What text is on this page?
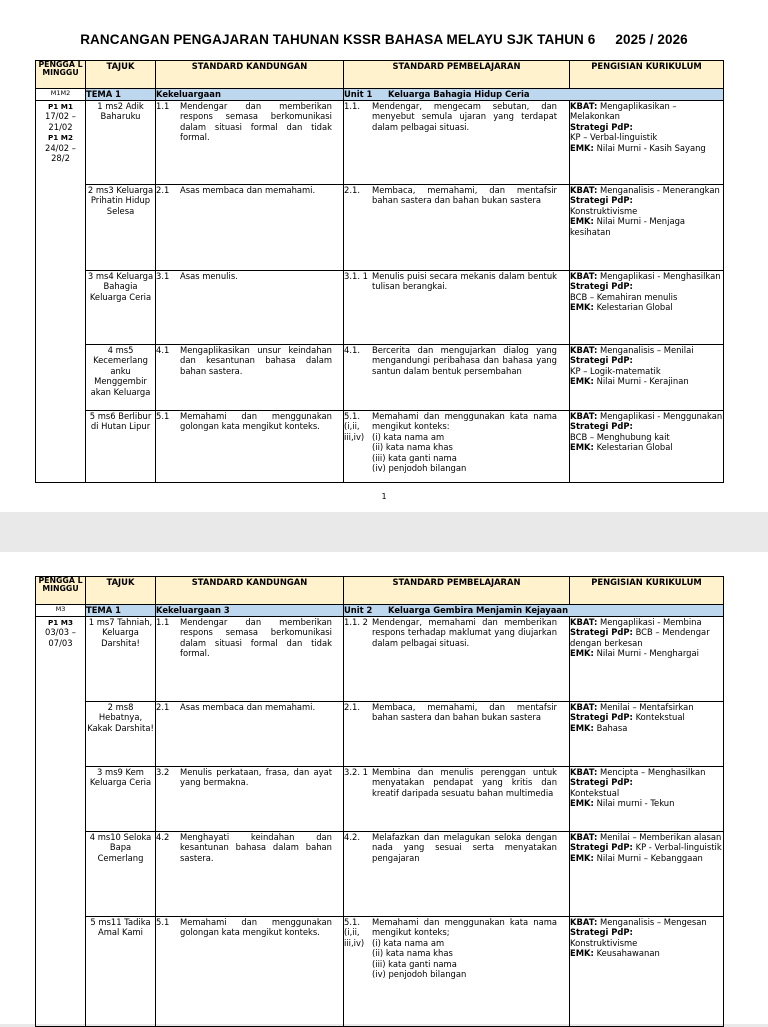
RANCANGAN PENGAJARAN TAHUNAN KSSR BAHASA MELAYU SJK TAHUN 6 2025 / 2026
PENGGA L MINGGU	TAJUK	STANDARD KANDUNGAN	STANDARD PEMBELAJARAN	PENGISIAN KURIKULUM
M1M2	TEMA 1	Kekeluargaan	Unit 1 Keluarga Bahagia Hidup Ceria	
P1 M1
17/02 – 21/02
P1 M2
24/02 – 28/2	1 ms2 Adik Baharuku	1.1 Mendengar dan memberikan respons semasa berkomunikasi dalam situasi formal dan tidak formal.	1.1. Mendengar, mengecam sebutan, dan menyebut semula ujaran yang terdapat dalam pelbagai situasi.	KBAT: Mengaplikasikan – Melakonkan
Strategi PdP:
KP – Verbal-linguistik
EMK: Nilai Murni - Kasih Sayang
	2 ms3 Keluarga Prihatin Hidup Selesa	2.1 Asas membaca dan memahami.	2.1. Membaca, memahami, dan mentafsir bahan sastera dan bahan bukan sastera	KBAT: Menganalisis - Menerangkan
Strategi PdP:
Konstruktivisme
EMK: Nilai Murni - Menjaga kesihatan
	3 ms4 Keluarga Bahagia Keluarga Ceria	3.1 Asas menulis.	3.1. 1 Menulis puisi secara mekanis dalam bentuk tulisan berangkai.	KBAT: Mengaplikasi - Menghasilkan
Strategi PdP:
BCB – Kemahiran menulis
EMK: Kelestarian Global
	4 ms5 Kecemerlang anku Menggembir akan Keluarga	4.1 Mengaplikasikan unsur keindahan dan kesantunan bahasa dalam bahan sastera.	4.1. Bercerita dan mengujarkan dialog yang mengandungi peribahasa dan bahasa yang santun dalam bentuk persembahan	KBAT: Menganalisis – Menilai
Strategi PdP:
KP – Logik-matematik
EMK: Nilai Murni - Kerajinan
	5 ms6 Berlibur di Hutan Lipur	5.1 Memahami dan menggunakan golongan kata mengikut konteks.	5.1. (i,ii, iii,iv)Memahami dan menggunakan kata nama mengikut konteks:
(i) kata nama am
(ii) kata nama khas
(iii) kata ganti nama
(iv) penjodoh bilangan	KBAT: Mengaplikasi - Menggunakan
Strategi PdP:
BCB – Menghubung kait
EMK: Kelestarian Global
1
PENGGA L MINGGU	TAJUK	STANDARD KANDUNGAN	STANDARD PEMBELAJARAN	PENGISIAN KURIKULUM
M3	TEMA 1	Kekeluargaan 3	Unit 2 Keluarga Gembira Menjamin Kejayaan	
P1 M3
03/03 – 07/03	1 ms7 Tahniah, Keluarga Darshita!	1.1 Mendengar dan memberikan respons semasa berkomunikasi dalam situasi formal dan tidak formal.	1.1. 2 Mendengar, memahami dan memberikan respons terhadap maklumat yang diujarkan dalam pelbagai situasi.	KBAT: Mengaplikasi - Membina
Strategi PdP: BCB – Mendengar dengan berkesan
EMK: Nilai Murni - Menghargai
	2 ms8 Hebatnya, Kakak Darshita!	2.1 Asas membaca dan memahami.	2.1. Membaca, memahami, dan mentafsir bahan sastera dan bahan bukan sastera	KBAT: Menilai – Mentafsirkan
Strategi PdP: Kontekstual
EMK: Bahasa
	3 ms9 Kem Keluarga Ceria	3.2 Menulis perkataan, frasa, dan ayat yang bermakna.	3.2. 1 Membina dan menulis perenggan untuk menyatakan pendapat yang kritis dan kreatif daripada sesuatu bahan multimedia	KBAT: Mencipta – Menghasilkan Strategi PdP:
Kontekstual
EMK: Nilai murni - Tekun
	4 ms10 Seloka Bapa Cemerlang	4.2 Menghayati keindahan dan kesantunan bahasa dalam bahan sastera.	4.2. Melafazkan dan melagukan seloka dengan nada yang sesuai serta menyatakan pengajaran	KBAT: Menilai – Memberikan alasan
Strategi PdP: KP - Verbal-linguistik
EMK: Nilai Murni – Kebanggaan
	5 ms11 Tadika Amal Kami	5.1 Memahami dan menggunakan golongan kata mengikut konteks.	5.1. (i,ii, iii,iv)Memahami dan menggunakan kata nama mengikut konteks;
(i) kata nama am
(ii) kata nama khas
(iii) kata ganti nama
(iv) penjodoh bilangan	KBAT: Menganalisis – Mengesan
Strategi PdP:
Konstruktivisme
EMK: Keusahawanan
